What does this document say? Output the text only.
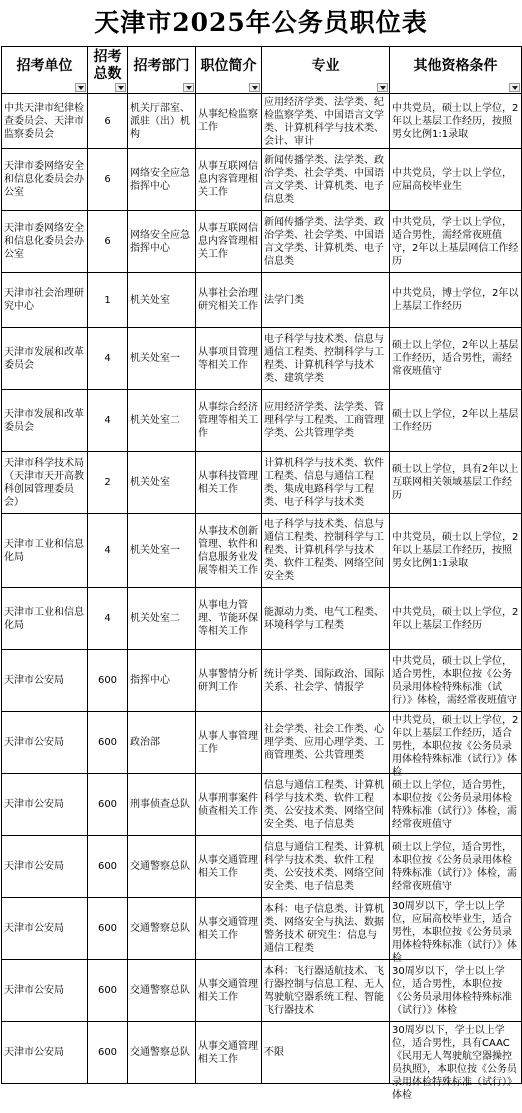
天津市2025年公务员职位表
招考单位	招考总数	招考部门	职位简介	专业	其他资格条件

中共天津市纪律检查委员会、天津市监察委员会	6	机关厅部室、派驻（出）机构	从事纪检监察工作	应用经济学类、法学类、纪检监察学类、中国语言文学类、计算机科学与技术类、会计、审计	中共党员，硕士以上学位，2年以上基层工作经历，按照男女比例1:1录取

天津市委网络安全和信息化委员会办公室	6	网络安全应急指挥中心	从事互联网信息内容管理相关工作	新闻传播学类、法学类、政治学类、社会学类、中国语言文学类、计算机类、电子信息类	中共党员，学士以上学位，应届高校毕业生

天津市委网络安全和信息化委员会办公室	6	网络安全应急指挥中心	从事互联网信息内容管理相关工作	新闻传播学类、法学类、政治学类、社会学类、中国语言文学类、计算机类、电子信息类	中共党员，学士以上学位，适合男性，需经常夜班值守，2年以上基层网信工作经历

天津市社会治理研究中心	1	机关处室	从事社会治理研究相关工作	法学门类	中共党员，博士学位，2年以上基层工作经历

天津市发展和改革委员会	4	机关处室一	从事项目管理等相关工作	电子科学与技术类、信息与通信工程类、控制科学与工程类、计算机科学与技术类、建筑学类	硕士以上学位，2年以上基层工作经历，适合男性，需经常夜班值守

天津市发展和改革委员会	4	机关处室二	从事综合经济管理等相关工作	应用经济学类、法学类、管理科学与工程类、工商管理学类、公共管理学类	硕士以上学位，2年以上基层工作经历

天津市科学技术局（天津市天开高教科创园管理委员会）	2	机关处室	从事科技管理相关工作	计算机科学与技术类、软件工程类、信息与通信工程类、集成电路科学与工程类、电子科学与技术类	硕士以上学位，具有2年以上互联网相关领域基层工作经历

天津市工业和信息化局	4	机关处室一	从事技术创新管理、软件和信息服务业发展等相关工作	电子科学与技术类、信息与通信工程类、控制科学与工程类、计算机科学与技术类、软件工程类、网络空间安全类	中共党员，硕士以上学位，2年以上基层工作经历，按照男女比例1:1录取

天津市工业和信息化局	4	机关处室二	从事电力管理、节能环保等相关工作	能源动力类、电气工程类、环境科学与工程类	中共党员，硕士以上学位，2年以上基层工作经历

天津市公安局	600	指挥中心	从事警情分析研判工作	统计学类、国际政治、国际关系、社会学、情报学	中共党员，硕士以上学位，适合男性，本职位按《公务员录用体检特殊标准（试行）》体检，需经常夜班值守

天津市公安局	600	政治部	从事人事管理工作	社会学类、社会工作类、心理学类、应用心理学类、工商管理类、公共管理类	中共党员，硕士以上学位，2年以上基层工作经历，适合男性，本职位按《公务员录用体检特殊标准（试行）》体检

天津市公安局	600	刑事侦查总队	从事刑事案件侦查相关工作	信息与通信工程类、计算机科学与技术类、软件工程类、公安技术类、网络空间安全类、电子信息类	硕士以上学位，适合男性，本职位按《公务员录用体检特殊标准（试行）》体检，需经常夜班值守

天津市公安局	600	交通警察总队	从事交通管理相关工作	信息与通信工程类、计算机科学与技术类、软件工程类、公安技术类、网络空间安全类、电子信息类	硕士以上学位，适合男性，本职位按《公务员录用体检特殊标准（试行）》体检，需经常夜班值守

天津市公安局	600	交通警察总队	从事交通管理相关工作	本科：电子信息类、计算机类、网络安全与执法、数据警务技术 研究生：信息与通信工程类	30周岁以下，学士以上学位，应届高校毕业生，适合男性，本职位按《公务员录用体检特殊标准（试行）》体检

天津市公安局	600	交通警察总队	从事交通管理相关工作	本科：飞行器适航技术、飞行器控制与信息工程、无人驾驶航空器系统工程、智能飞行器技术	30周岁以下，学士以上学位，适合男性，本职位按《公务员录用体检特殊标准（试行）》体检

天津市公安局	600	交通警察总队	从事交通管理相关工作	不限	30周岁以下，学士以上学位，适合男性，具有CAAC《民用无人驾驶航空器操控员执照》，本职位按《公务员录用体检特殊标准（试行）》体检
